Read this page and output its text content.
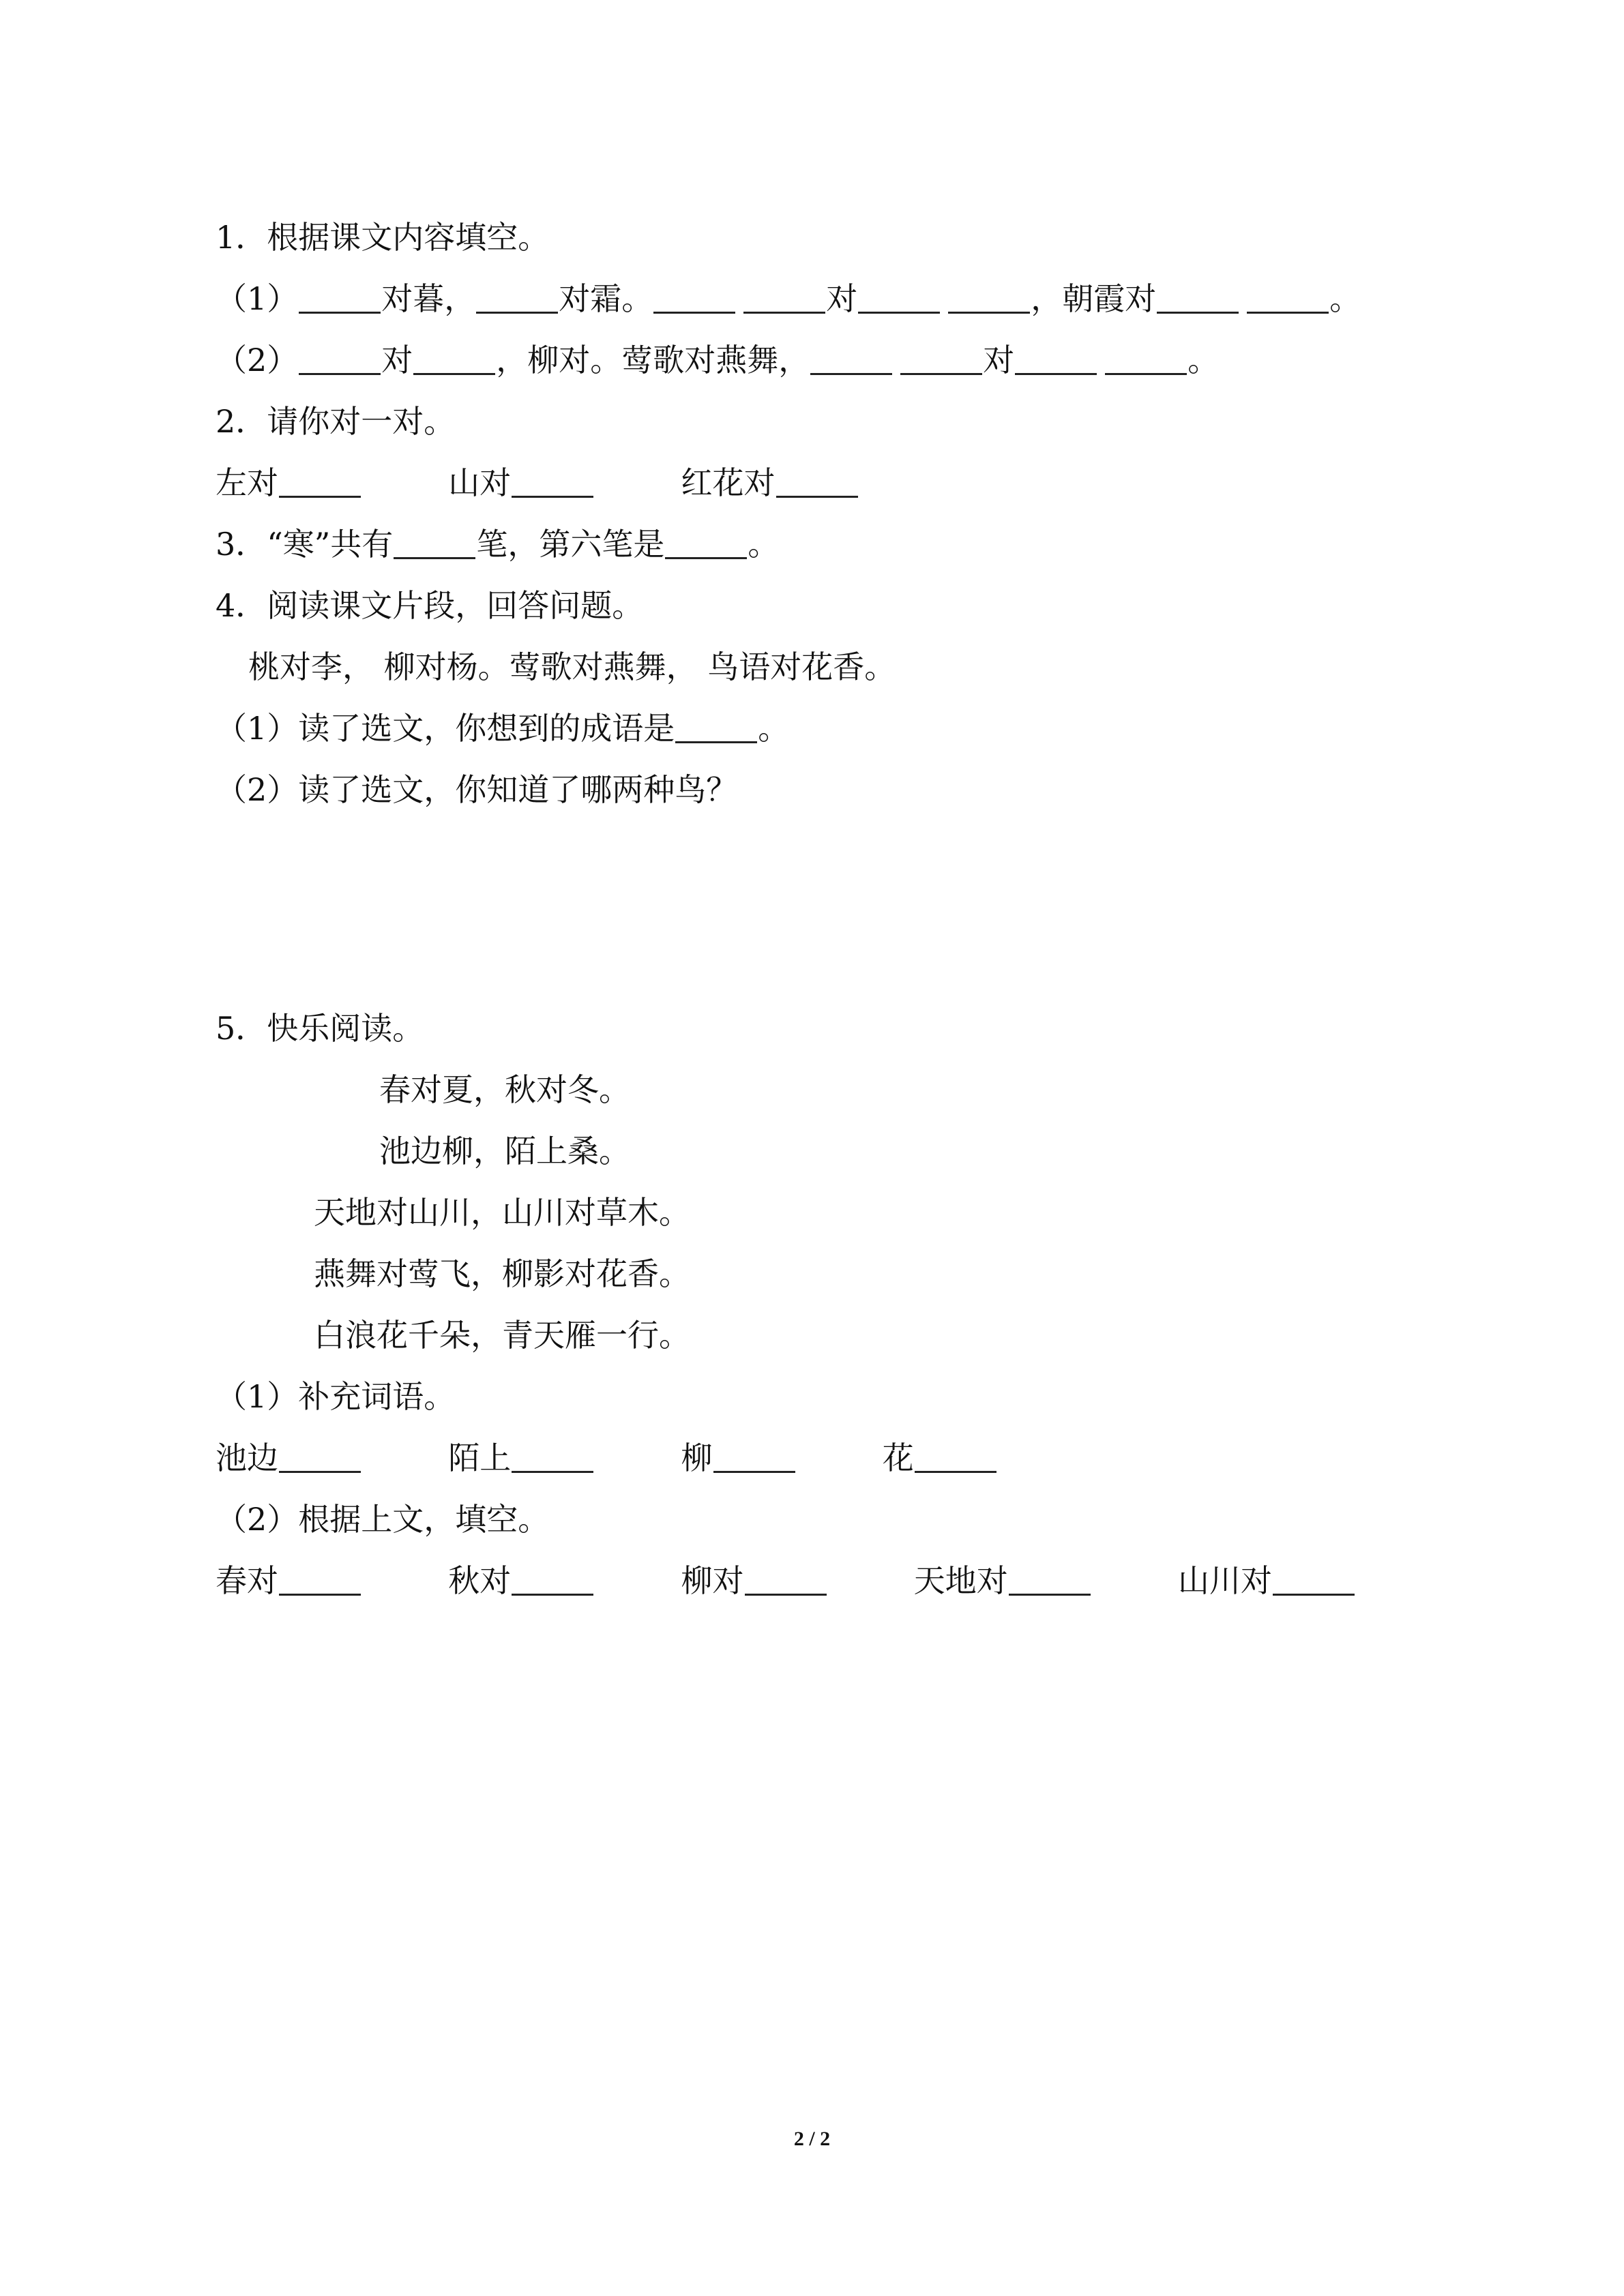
1．根据课文内容填空。
（1）	对暮，	对霜。	对	，朝霞对	。
（2）	对	，柳对。莺歌对燕舞，	对	。
2．请你对一对。
左对	山对	红花对
3．“寒”共有	笔，第六笔是	。
4．阅读课文片段，回答问题。
桃对李， 柳对杨。莺歌对燕舞， 鸟语对花香。
（1）读了选文，你想到的成语是	。
（2）读了选文，你知道了哪两种鸟？
5．快乐阅读。
春对夏，秋对冬。
池边柳，陌上桑。
天地对山川，山川对草木。
燕舞对莺飞，柳影对花香。
白浪花千朵，青天雁一行。
（1）补充词语。
池边	陌上	柳	花
（2）根据上文，填空。
春对	秋对	柳对	天地对	山川对
2 / 2
